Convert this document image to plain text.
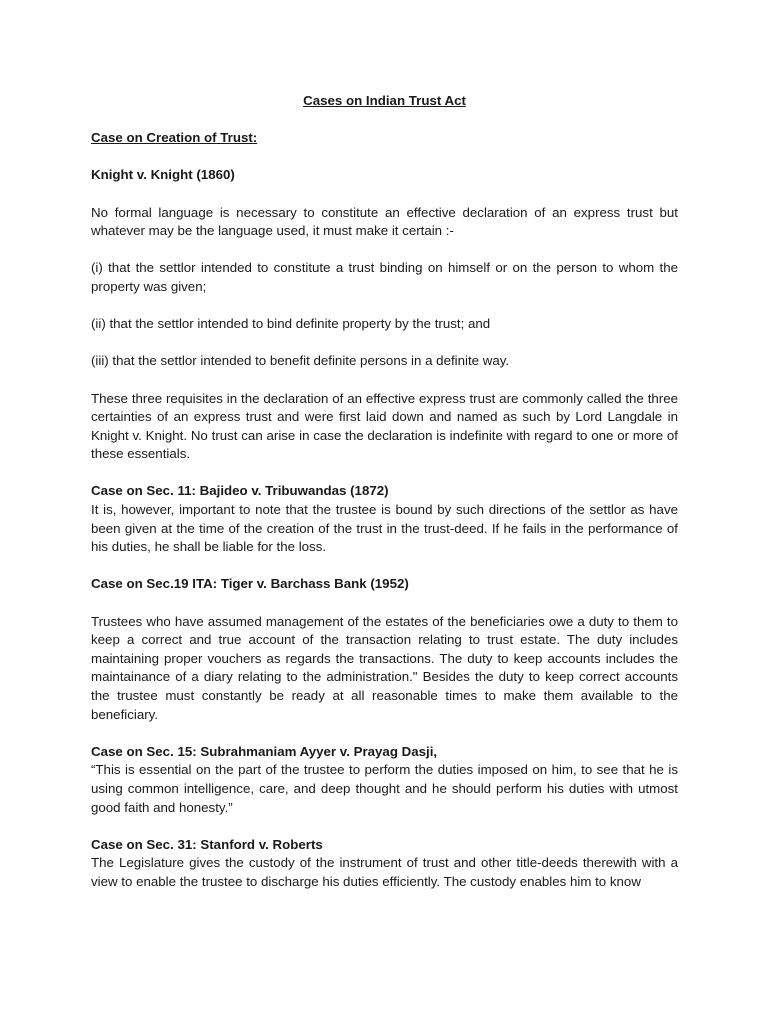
Cases on Indian Trust Act
Case on Creation of Trust:
Knight v. Knight (1860)

No formal language is necessary to constitute an effective declaration of an express trust but whatever may be the language used, it must make it certain :-

(i) that the settlor intended to constitute a trust binding on himself or on the person to whom the property was given;

(ii) that the settlor intended to bind definite property by the trust; and

(iii) that the settlor intended to benefit definite persons in a definite way.

These three requisites in the declaration of an effective express trust are commonly called the three certainties of an express trust and were first laid down and named as such by Lord Langdale in Knight v. Knight. No trust can arise in case the declaration is indefinite with regard to one or more of these essentials.

Case on Sec. 11: Bajideo v. Tribuwandas (1872)

It is, however, important to note that the trustee is bound by such directions of the settlor as have been given at the time of the creation of the trust in the trust-deed. If he fails in the performance of his duties, he shall be liable for the loss.

Case on Sec.19 ITA: Tiger v. Barchass Bank (1952)

Trustees who have assumed management of the estates of the beneficiaries owe a duty to them to keep a correct and true account of the transaction relating to trust estate. The duty includes maintaining proper vouchers as regards the transactions. The duty to keep accounts includes the maintainance of a diary relating to the administration." Besides the duty to keep correct accounts the trustee must constantly be ready at all reasonable times to make them available to the beneficiary.

Case on Sec. 15: Subrahmaniam Ayyer v. Prayag Dasji,

“This is essential on the part of the trustee to perform the duties imposed on him, to see that he is using common intelligence, care, and deep thought and he should perform his duties with utmost good faith and honesty.”

Case on Sec. 31: Stanford v. Roberts

The Legislature gives the custody of the instrument of trust and other title-deeds therewith with a view to enable the trustee to discharge his duties efficiently. The custody enables him to know
